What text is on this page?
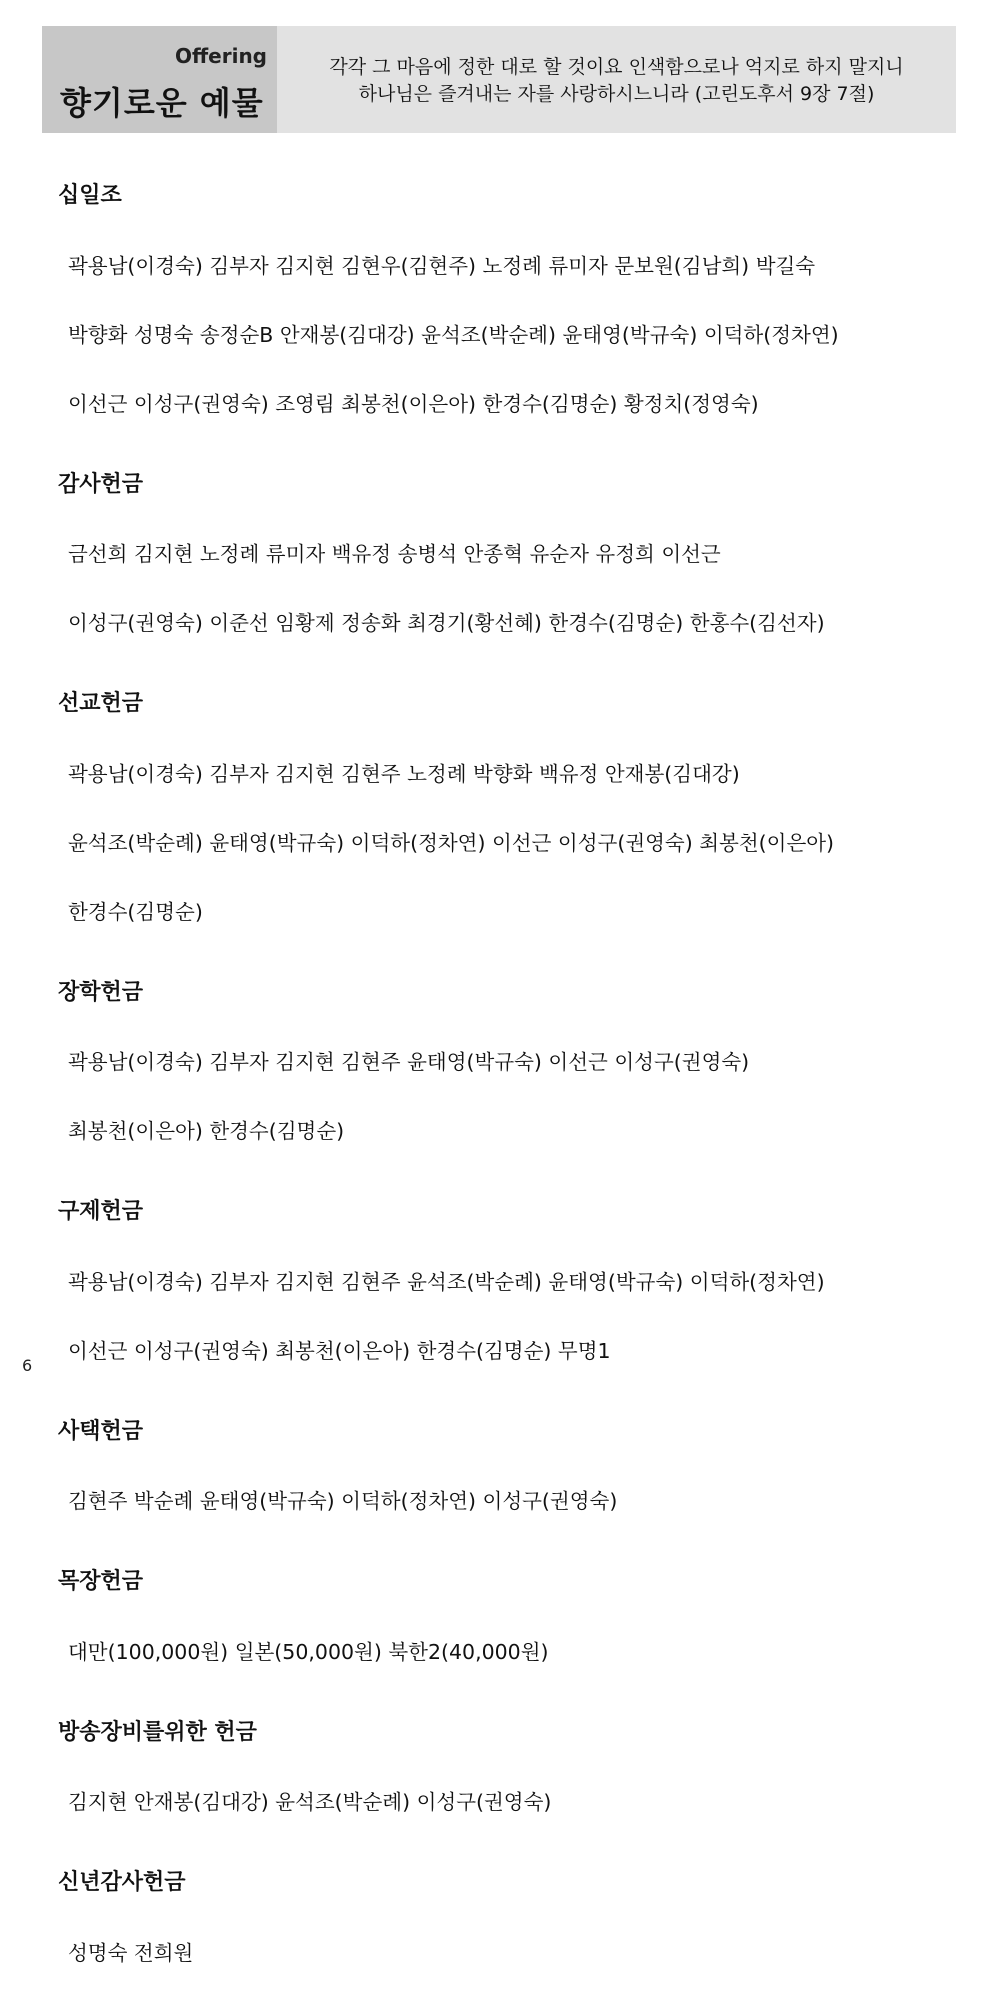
Offering
향기로운 예물
각각 그 마음에 정한 대로 할 것이요 인색함으로나 억지로 하지 말지니
하나님은 즐겨내는 자를 사랑하시느니라 (고린도후서 9장 7절)
십일조

곽용남(이경숙) 김부자 김지현 김현우(김현주) 노정례 류미자 문보원(김남희) 박길숙

박향화 성명숙 송정순B 안재봉(김대강) 윤석조(박순례) 윤태영(박규숙) 이덕하(정차연)

이선근 이성구(권영숙) 조영림 최봉천(이은아) 한경수(김명순) 황정치(정영숙)

감사헌금

금선희 김지현 노정례 류미자 백유정 송병석 안종혁 유순자 유정희 이선근

이성구(권영숙) 이준선 임황제 정송화 최경기(황선혜) 한경수(김명순) 한홍수(김선자)

선교헌금

곽용남(이경숙) 김부자 김지현 김현주 노정례 박향화 백유정 안재봉(김대강)

윤석조(박순례) 윤태영(박규숙) 이덕하(정차연) 이선근 이성구(권영숙) 최봉천(이은아)

한경수(김명순)

장학헌금

곽용남(이경숙) 김부자 김지현 김현주 윤태영(박규숙) 이선근 이성구(권영숙)

최봉천(이은아) 한경수(김명순)

구제헌금

곽용남(이경숙) 김부자 김지현 김현주 윤석조(박순례) 윤태영(박규숙) 이덕하(정차연)

이선근 이성구(권영숙) 최봉천(이은아) 한경수(김명순) 무명1

사택헌금

김현주 박순례 윤태영(박규숙) 이덕하(정차연) 이성구(권영숙)

목장헌금

대만(100,000원) 일본(50,000원) 북한2(40,000원)

방송장비를위한 헌금

김지현 안재봉(김대강) 윤석조(박순례) 이성구(권영숙)

신년감사헌금

성명숙 전희원

6
